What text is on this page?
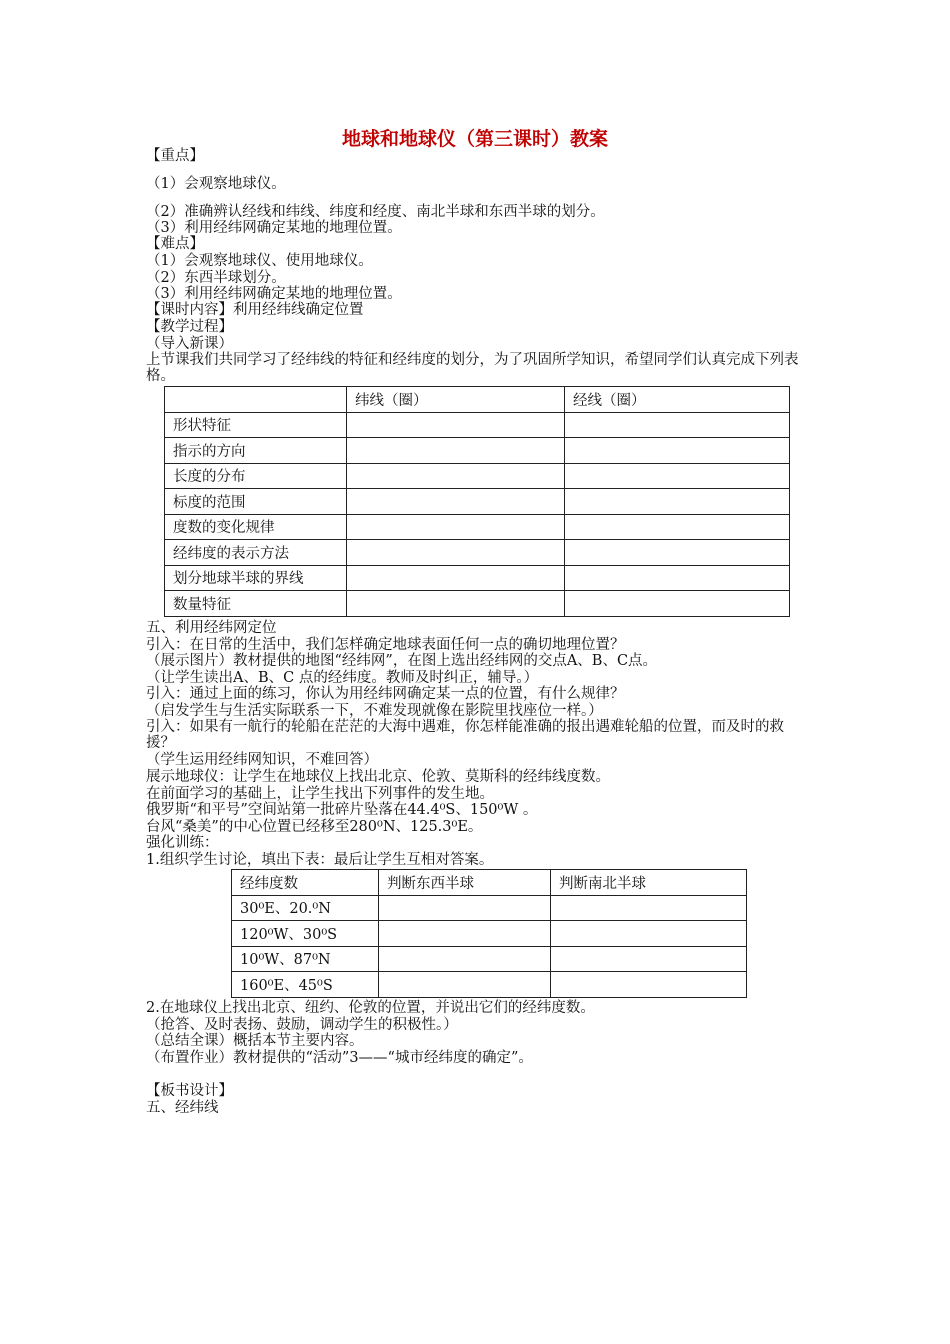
地球和地球仪（第三课时）教案
【重点】
（1）会观察地球仪。
（2）准确辨认经线和纬线、纬度和经度、南北半球和东西半球的划分。
（3）利用经纬网确定某地的地理位置。
【难点】
（1）会观察地球仪、使用地球仪。
（2）东西半球划分。
（3）利用经纬网确定某地的地理位置。
【课时内容】利用经纬线确定位置
【教学过程】
（导入新课）
上节课我们共同学习了经纬线的特征和经纬度的划分，为了巩固所学知识，希望同学们认真完成下列表格。
	纬线（圈）	经线（圈）
形状特征		
指示的方向		
长度的分布		
标度的范围		
度数的变化规律		
经纬度的表示方法		
划分地球半球的界线		
数量特征		
五、利用经纬网定位
引入：在日常的生活中，我们怎样确定地球表面任何一点的确切地理位置？
（展示图片）教材提供的地图“经纬网”，在图上选出经纬网的交点A、B、C点。
（让学生读出A、B、C 点的经纬度。教师及时纠正，辅导。）
引入：通过上面的练习，你认为用经纬网确定某一点的位置，有什么规律？
（启发学生与生活实际联系一下，不难发现就像在影院里找座位一样。）
引入：如果有一航行的轮船在茫茫的大海中遇难，你怎样能准确的报出遇难轮船的位置，而及时的救援？
（学生运用经纬网知识，不难回答）
展示地球仪：让学生在地球仪上找出北京、伦敦、莫斯科的经纬线度数。
在前面学习的基础上，让学生找出下列事件的发生地。
俄罗斯“和平号”空间站第一批碎片坠落在44.4⁰S、150⁰W 。
台风“桑美”的中心位置已经移至280⁰N、125.3⁰E。
强化训练：
1.组织学生讨论，填出下表：最后让学生互相对答案。
经纬度数	判断东西半球	判断南北半球
30⁰E、20.⁰N		
120⁰W、30⁰S		
10⁰W、87⁰N		
160⁰E、45⁰S		
2.在地球仪上找出北京、纽约、伦敦的位置，并说出它们的经纬度数。
（抢答、及时表扬、鼓励，调动学生的积极性。）
（总结全课）概括本节主要内容。
（布置作业）教材提供的“活动”3——“城市经纬度的确定”。
【板书设计】
五、经纬线
